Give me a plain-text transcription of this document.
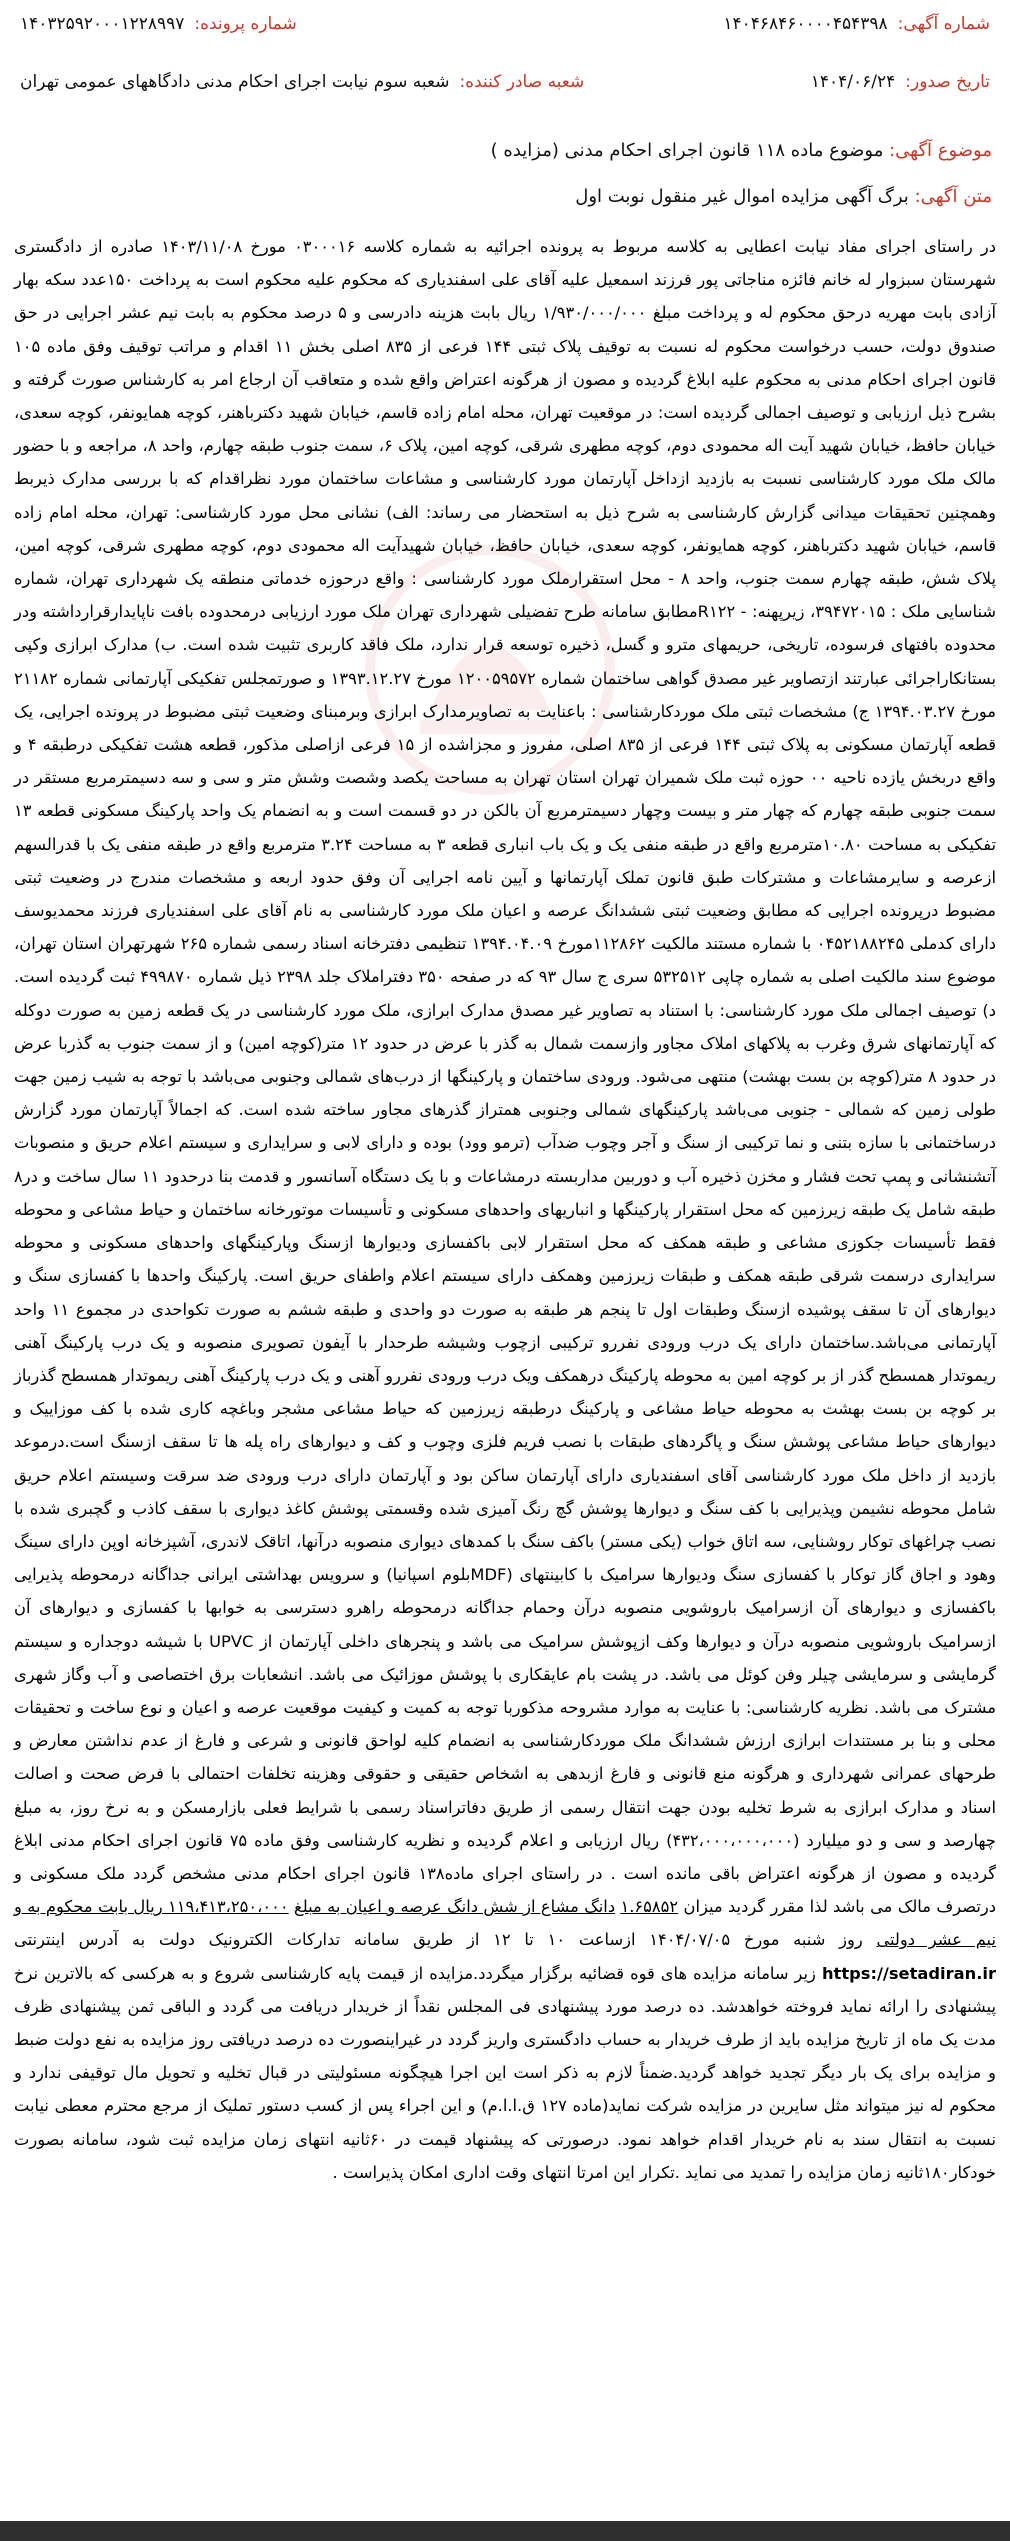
شماره آگهی:
۱۴۰۴۶۸۴۶۰۰۰۰۴۵۴۳۹۸
شماره پرونده:
۱۴۰۳۲۵۹۲۰۰۰۱۲۲۸۹۹۷
تاریخ صدور:
۱۴۰۴/۰۶/۲۴
شعبه صادر کننده:
شعبه سوم نیابت اجرای احکام مدنی دادگاههای عمومی تهران
موضوع آگهی: موضوع ماده ۱۱۸ قانون اجرای احکام مدنی (مزایده )
متن آگهی: برگ آگهی مزایده اموال غیر منقول نوبت اول

در راستای اجرای مفاد نیابت اعطایی به کلاسه مربوط به پرونده اجرائیه به شماره کلاسه ۰۳۰۰۰۱۶ مورخ ۱۴۰۳/۱۱/۰۸ صادره از دادگستری شهرستان سبزوار له خانم فائزه مناجاتی پور فرزند اسمعیل علیه آقای علی اسفندیاری که محکوم علیه محکوم است به پرداخت ۱۵۰عدد سکه بهار آزادی بابت مهریه درحق محکوم له و پرداخت مبلغ ۱/۹۳۰/۰۰۰/۰۰۰ ریال بابت هزینه دادرسی و ۵ درصد محکوم به بابت نیم عشر اجرایی در حق صندوق دولت، حسب درخواست محکوم له نسبت به توقیف پلاک ثبتی ۱۴۴ فرعی از ۸۳۵ اصلی بخش ۱۱ اقدام و مراتب توقیف وفق ماده ۱۰۵ قانون اجرای احکام مدنی به محکوم علیه ابلاغ گردیده و مصون از هرگونه اعتراض واقع شده و متعاقب آن ارجاع امر به کارشناس صورت گرفته و بشرح ذیل ارزیابی و توصیف اجمالی گردیده است: در موقعیت تهران، محله امام زاده قاسم، خیابان شهید دکترباهنر، کوچه همایونفر، کوچه سعدی، خیابان حافظ، خیابان شهید آیت اله محمودی دوم، کوچه مطهری شرقی، کوچه امین، پلاک ۶، سمت جنوب طبقه چهارم، واحد ۸، مراجعه و با حضور مالک ملک مورد کارشناسی نسبت به بازدید ازداخل آپارتمان مورد کارشناسی و مشاعات ساختمان مورد نظراقدام که با بررسی مدارک ذیربط وهمچنین تحقیقات میدانی گزارش کارشناسی به شرح ذیل به استحضار می رساند: الف) نشانی محل مورد کارشناسی: تهران، محله امام زاده قاسم، خیابان شهید دکترباهنر، کوچه همایونفر، کوچه سعدی، خیابان حافظ، خیابان شهیدآیت اله محمودی دوم، کوچه مطهری شرقی، کوچه امین، پلاک شش، طبقه چهارم سمت جنوب، واحد ۸ - محل استقرارملک مورد کارشناسی : واقع درحوزه خدماتی منطقه یک شهرداری تهران، شماره شناسایی ملک : ۳۹۴۷۲۰۱۵، زیرپهنه: - R۱۲۲مطابق سامانه طرح تفضیلی شهرداری تهران ملک مورد ارزیابی درمحدوده بافت ناپایدارقرارداشته ودر محدوده بافتهای فرسوده، تاریخی، حریمهای مترو و گسل، ذخیره توسعه قرار ندارد، ملک فاقد کاربری تثبیت شده است. ب) مدارک ابرازی وکپی بستانکاراجرائی عبارتند ازتصاویر غیر مصدق گواهی ساختمان شماره ۱۲۰۰۵۹۵۷۲ مورخ ۱۳۹۳.۱۲.۲۷ و صورتمجلس تفکیکی آپارتمانی شماره ۲۱۱۸۲ مورخ ۱۳۹۴.۰۳.۲۷ ج) مشخصات ثبتی ملک موردکارشناسی : باعنایت به تصاویرمدارک ابرازی وبرمبنای وضعیت ثبتی مضبوط در پرونده اجرایی، یک قطعه آپارتمان مسکونی به پلاک ثبتی ۱۴۴ فرعی از ۸۳۵ اصلی، مفروز و مجزاشده از ۱۵ فرعی ازاصلی مذکور، قطعه هشت تفکیکی درطبقه ۴ و واقع دربخش یازده ناحیه ۰۰ حوزه ثبت ملک شمیران تهران استان تهران به مساحت یکصد وشصت وشش متر و سی و سه دسیمترمربع مستقر در سمت جنوبی طبقه چهارم که چهار متر و بیست وچهار دسیمترمربع آن بالکن در دو قسمت است و به انضمام یک واحد پارکینگ مسکونی قطعه ۱۳ تفکیکی به مساحت ۱۰.۸۰مترمربع واقع در طبقه منفی یک و یک باب انباری قطعه ۳ به مساحت ۳.۲۴ مترمربع واقع در طبقه منفی یک با قدرالسهم ازعرصه و سایرمشاعات و مشترکات طبق قانون تملک آپارتمانها و آیین نامه اجرایی آن وفق حدود اربعه و مشخصات مندرج در وضعیت ثبتی مضبوط درپرونده اجرایی که مطابق وضعیت ثبتی ششدانگ عرصه و اعیان ملک مورد کارشناسی به نام آقای علی اسفندیاری فرزند محمدیوسف دارای کدملی ۰۴۵۲۱۸۸۲۴۵ با شماره مستند مالکیت ۱۱۲۸۶۲مورخ ۱۳۹۴.۰۴.۰۹ تنظیمی دفترخانه اسناد رسمی شماره ۲۶۵ شهرتهران استان تهران، موضوع سند مالکیت اصلی به شماره چاپی ۵۳۲۵۱۲ سری ج سال ۹۳ که در صفحه ۳۵۰ دفتراملاک جلد ۲۳۹۸ ذیل شماره ۴۹۹۸۷۰ ثبت گردیده است. د) توصیف اجمالی ملک مورد کارشناسی: با استناد به تصاویر غیر مصدق مدارک ابرازی، ملک مورد کارشناسی در یک قطعه زمین به صورت دوکله که آپارتمانهای شرق وغرب به پلاکهای املاک مجاور وازسمت شمال به گذر با عرض در حدود ۱۲ متر(کوچه امین) و از سمت جنوب به گذربا عرض در حدود ۸ متر(کوچه بن بست بهشت) منتهی می‌شود. ورودی ساختمان و پارکینگها از درب‌های شمالی وجنوبی می‌باشد با توجه به شیب زمین جهت طولی زمین که شمالی - جنوبی می‌باشد پارکینگهای شمالی وجنوبی همتراز گذرهای مجاور ساخته شده است. که اجمالاً آپارتمان مورد گزارش درساختمانی با سازه بتنی و نما ترکیبی از سنگ و آجر وچوب ضدآب (ترمو وود) بوده و دارای لابی و سرایداری و سیستم اعلام حریق و منصوبات آتشنشانی و پمپ تحت فشار و مخزن ذخیره آب و دوربین مداربسته درمشاعات و با یک دستگاه آسانسور و قدمت بنا درحدود ۱۱ سال ساخت و در۸ طبقه شامل یک طبقه زیرزمین که محل استقرار پارکینگها و انباریهای واحدهای مسکونی و تأسیسات موتورخانه ساختمان و حیاط مشاعی و محوطه فقط تأسیسات جکوزی مشاعی و طبقه همکف که محل استقرار لابی باکفسازی ودیوارها ازسنگ وپارکینگهای واحدهای مسکونی و محوطه سرایداری درسمت شرقی طبقه همکف و طبقات زیرزمین وهمکف دارای سیستم اعلام واطفای حریق است. پارکینگ واحدها با کفسازی سنگ و دیوارهای آن تا سقف پوشیده ازسنگ وطبقات اول تا پنجم هر طبقه به صورت دو واحدی و طبقه ششم به صورت تکواحدی در مجموع ۱۱ واحد آپارتمانی می‌باشد.ساختمان دارای یک درب ورودی نفررو ترکیبی ازچوب وشیشه طرحدار با آیفون تصویری منصوبه و یک درب پارکینگ آهنی ریموتدار همسطح گذر از بر کوچه امین به محوطه پارکینگ درهمکف ویک درب ورودی نفررو آهنی و یک درب پارکینگ آهنی ریموتدار همسطح گذرباز بر کوچه بن بست بهشت به محوطه حیاط مشاعی و پارکینگ درطبقه زیرزمین که حیاط مشاعی مشجر وباغچه کاری شده با کف موزاییک و دیوارهای حیاط مشاعی پوشش سنگ و پاگردهای طبقات با نصب فریم فلزی وچوب و کف و دیوارهای راه پله ها تا سقف ازسنگ است.درموعد بازدید از داخل ملک مورد کارشناسی آقای اسفندیاری دارای آپارتمان ساکن بود و آپارتمان دارای درب ورودی ضد سرقت وسیستم اعلام حریق شامل محوطه نشیمن وپذیرایی با کف سنگ و دیوارها پوشش گچ رنگ آمیزی شده وقسمتی پوشش کاغذ دیواری با سقف کاذب و گچبری شده با نصب چراغهای توکار روشنایی، سه اتاق خواب (یکی مستر) باکف سنگ با کمدهای دیواری منصوبه درآنها، اتاقک لاندری، آشپزخانه اوپن دارای سینگ وهود و اجاق گاز توکار با کفسازی سنگ ودیوارها سرامیک با کابینتهای (MDFبلوم اسپانیا) و سرویس بهداشتی ایرانی جداگانه درمحوطه پذیرایی باکفسازی و دیوارهای آن ازسرامیک باروشویی منصوبه درآن وحمام جداگانه درمحوطه راهرو دسترسی به خوابها با کفسازی و دیوارهای آن ازسرامیک باروشویی منصوبه درآن و دیوارها وکف ازپوشش سرامیک می باشد و پنجرهای داخلی آپارتمان از UPVC با شیشه دوجداره و سیستم گرمایشی و سرمایشی چیلر وفن کوئل می باشد. در پشت بام عایقکاری با پوشش موزائیک می باشد. انشعابات برق اختصاصی و آب وگاز شهری مشترک می باشد. نظریه کارشناسی: با عنایت به موارد مشروحه مذکوربا توجه به کمیت و کیفیت موقعیت عرصه و اعیان و نوع ساخت و تحقیقات محلی و بنا بر مستندات ابرازی ارزش ششدانگ ملک موردکارشناسی به انضمام کلیه لواحق قانونی و شرعی و فارغ از عدم نداشتن معارض و طرحهای عمرانی شهرداری و هرگونه منع قانونی و فارغ ازبدهی به اشخاص حقیقی و حقوقی وهزینه تخلفات احتمالی با فرض صحت و اصالت اسناد و مدارک ابرازی به شرط تخلیه بودن جهت انتقال رسمی از طریق دفاتراسناد رسمی با شرایط فعلی بازارمسکن و به نرخ روز، به مبلغ چهارصد و سی و دو میلیارد (۴۳۲،۰۰۰،۰۰۰،۰۰۰) ریال ارزیابی و اعلام گردیده و نظریه کارشناسی وفق ماده ۷۵ قانون اجرای احکام مدنی ابلاغ گردیده و مصون از هرگونه اعتراض باقی مانده است . در راستای اجرای ماده۱۳۸ قانون اجرای احکام مدنی مشخص گردد ملک مسکونی و درتصرف مالک می باشد لذا مقرر گردید میزان ۱.۶۵۸۵۲ دانگ مشاع از شش دانگ عرصه و اعیان به مبلغ ۱۱۹،۴۱۳،۲۵۰،۰۰۰ ریال بابت محکوم به و نیم عشر دولتی روز شنبه مورخ ۱۴۰۴/۰۷/۰۵ ازساعت ۱۰ تا ۱۲ از طریق سامانه تدارکات الکترونیک دولت به آدرس اینترنتی https://setadiran.ir زیر سامانه مزایده های قوه قضائیه برگزار میگردد.مزایده از قیمت پایه کارشناسی شروع و به هرکسی که بالاترین نرخ پیشنهادی را ارائه نماید فروخته خواهدشد. ده درصد مورد پیشنهادی فی المجلس نقداً از خریدار دریافت می گردد و الباقی ثمن پیشنهادی ظرف مدت یک ماه از تاریخ مزایده باید از طرف خریدار به حساب دادگستری واریز گردد در غیراینصورت ده درصد دریافتی روز مزایده به نفع دولت ضبط و مزایده برای یک بار دیگر تجدید خواهد گردید.ضمناً لازم به ذکر است این اجرا هیچگونه مسئولیتی در قبال تخلیه و تحویل مال توقیفی ندارد و محکوم له نیز میتواند مثل سایرین در مزایده شرکت نماید(ماده ۱۲۷ ق.ا.ا.م) و این اجراء پس از کسب دستور تملیک از مرجع محترم معطی نیابت نسبت به انتقال سند به نام خریدار اقدام خواهد نمود. درصورتی که پیشنهاد قیمت در ۶۰ثانیه انتهای زمان مزایده ثبت شود، سامانه بصورت خودکار۱۸۰ثانیه زمان مزایده را تمدید می نماید .تکرار این امرتا انتهای وقت اداری امکان پذیراست .
